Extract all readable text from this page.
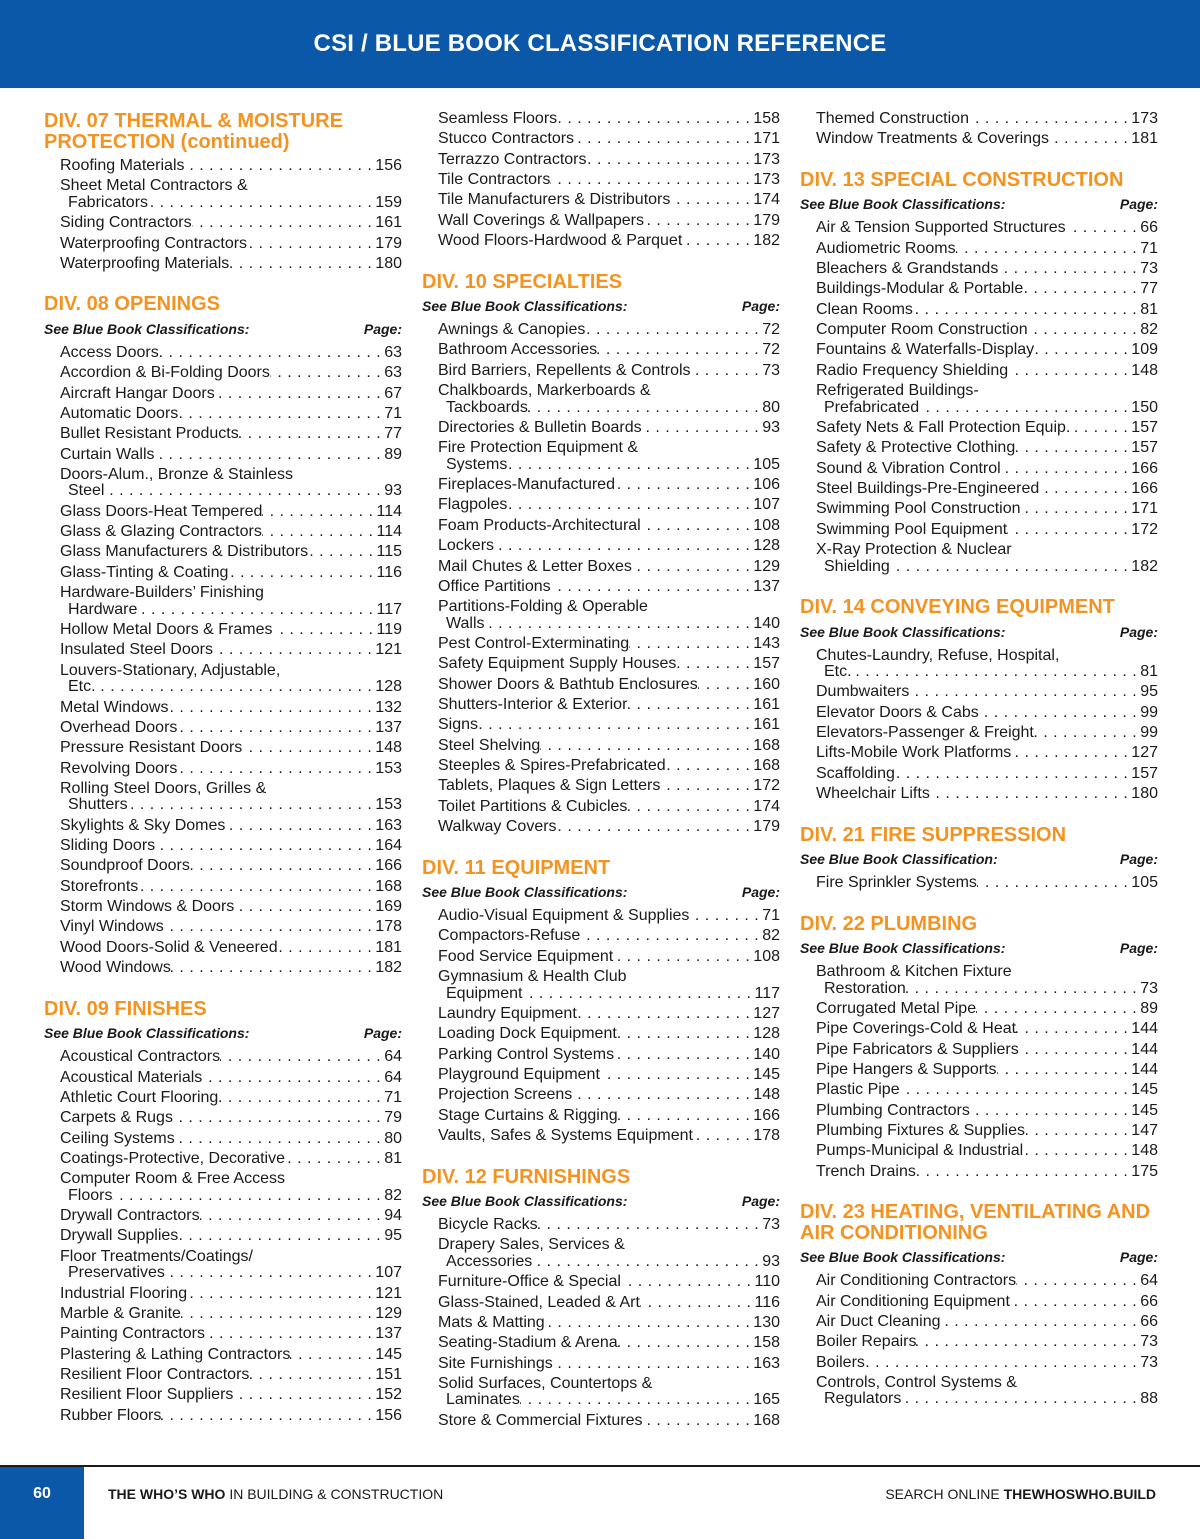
CSI / BLUE BOOK CLASSIFICATION REFERENCE
DIV. 07 THERMAL & MOISTURE PROTECTION (continued)
Roofing Materials . . .	156
Sheet Metal Contractors &
Fabricators . . .	159
Siding Contractors . . .	161
Waterproofing Contractors . . .	179
Waterproofing Materials . . .	180
DIV. 08 OPENINGS
See Blue Book Classifications:	Page:
Access Doors . . .	63
Accordion & Bi-Folding Doors . . .	63
Aircraft Hangar Doors . . .	67
Automatic Doors . . .	71
Bullet Resistant Products . . .	77
Curtain Walls . . .	89
Doors-Alum., Bronze & Stainless
Steel . . .	93
Glass Doors-Heat Tempered . . .	114
Glass & Glazing Contractors . . .	114
Glass Manufacturers & Distributors . . .	115
Glass-Tinting & Coating . . .	116
Hardware-Builders’ Finishing
Hardware . . .	117
Hollow Metal Doors & Frames . . .	119
Insulated Steel Doors . . .	121
Louvers-Stationary, Adjustable,
Etc. . . .	128
Metal Windows . . .	132
Overhead Doors . . .	137
Pressure Resistant Doors . . .	148
Revolving Doors . . .	153
Rolling Steel Doors, Grilles &
Shutters . . .	153
Skylights & Sky Domes . . .	163
Sliding Doors . . .	164
Soundproof Doors . . .	166
Storefronts . . .	168
Storm Windows & Doors . . .	169
Vinyl Windows . . .	178
Wood Doors-Solid & Veneered . . .	181
Wood Windows . . .	182
DIV. 09 FINISHES
See Blue Book Classifications:	Page:
Acoustical Contractors . . .	64
Acoustical Materials . . .	64
Athletic Court Flooring . . .	71
Carpets & Rugs . . .	79
Ceiling Systems . . .	80
Coatings-Protective, Decorative . . .	81
Computer Room & Free Access
Floors . . .	82
Drywall Contractors . . .	94
Drywall Supplies . . .	95
Floor Treatments/Coatings/
Preservatives . . .	107
Industrial Flooring . . .	121
Marble & Granite . . .	129
Painting Contractors . . .	137
Plastering & Lathing Contractors . . .	145
Resilient Floor Contractors . . .	151
Resilient Floor Suppliers . . .	152
Rubber Floors . . .	156
Seamless Floors . . .	158
Stucco Contractors . . .	171
Terrazzo Contractors . . .	173
Tile Contractors . . .	173
Tile Manufacturers & Distributors . . .	174
Wall Coverings & Wallpapers . . .	179
Wood Floors-Hardwood & Parquet . . .	182
DIV. 10 SPECIALTIES
See Blue Book Classifications:	Page:
Awnings & Canopies . . .	72
Bathroom Accessories . . .	72
Bird Barriers, Repellents & Controls . . .	73
Chalkboards, Markerboards &
Tackboards . . .	80
Directories & Bulletin Boards . . .	93
Fire Protection Equipment &
Systems . . .	105
Fireplaces-Manufactured . . .	106
Flagpoles . . .	107
Foam Products-Architectural . . .	108
Lockers . . .	128
Mail Chutes & Letter Boxes . . .	129
Office Partitions . . .	137
Partitions-Folding & Operable
Walls . . .	140
Pest Control-Exterminating . . .	143
Safety Equipment Supply Houses . . .	157
Shower Doors & Bathtub Enclosures . . .	160
Shutters-Interior & Exterior . . .	161
Signs . . .	161
Steel Shelving . . .	168
Steeples & Spires-Prefabricated . . .	168
Tablets, Plaques & Sign Letters . . .	172
Toilet Partitions & Cubicles . . .	174
Walkway Covers . . .	179
DIV. 11 EQUIPMENT
See Blue Book Classifications:	Page:
Audio-Visual Equipment & Supplies . . .	71
Compactors-Refuse . . .	82
Food Service Equipment . . .	108
Gymnasium & Health Club
Equipment . . .	117
Laundry Equipment . . .	127
Loading Dock Equipment . . .	128
Parking Control Systems . . .	140
Playground Equipment . . .	145
Projection Screens . . .	148
Stage Curtains & Rigging . . .	166
Vaults, Safes & Systems Equipment . . .	178
DIV. 12 FURNISHINGS
See Blue Book Classifications:	Page:
Bicycle Racks . . .	73
Drapery Sales, Services &
Accessories . . .	93
Furniture-Office & Special . . .	110
Glass-Stained, Leaded & Art . . .	116
Mats & Matting . . .	130
Seating-Stadium & Arena . . .	158
Site Furnishings . . .	163
Solid Surfaces, Countertops &
Laminates . . .	165
Store & Commercial Fixtures . . .	168
Themed Construction . . .	173
Window Treatments & Coverings . . .	181
DIV. 13 SPECIAL CONSTRUCTION
See Blue Book Classifications:	Page:
Air & Tension Supported Structures . . .	66
Audiometric Rooms . . .	71
Bleachers & Grandstands . . .	73
Buildings-Modular & Portable . . .	77
Clean Rooms . . .	81
Computer Room Construction . . .	82
Fountains & Waterfalls-Display . . .	109
Radio Frequency Shielding . . .	148
Refrigerated Buildings-
Prefabricated . . .	150
Safety Nets & Fall Protection Equip. . . .	157
Safety & Protective Clothing . . .	157
Sound & Vibration Control . . .	166
Steel Buildings-Pre-Engineered . . .	166
Swimming Pool Construction . . .	171
Swimming Pool Equipment . . .	172
X-Ray Protection & Nuclear
Shielding . . .	182
DIV. 14 CONVEYING EQUIPMENT
See Blue Book Classifications:	Page:
Chutes-Laundry, Refuse, Hospital,
Etc. . . .	81
Dumbwaiters . . .	95
Elevator Doors & Cabs . . .	99
Elevators-Passenger & Freight . . .	99
Lifts-Mobile Work Platforms . . .	127
Scaffolding . . .	157
Wheelchair Lifts . . .	180
DIV. 21 FIRE SUPPRESSION
See Blue Book Classification:	Page:
Fire Sprinkler Systems . . .	105
DIV. 22 PLUMBING
See Blue Book Classifications:	Page:
Bathroom & Kitchen Fixture
Restoration . . .	73
Corrugated Metal Pipe . . .	89
Pipe Coverings-Cold & Heat . . .	144
Pipe Fabricators & Suppliers . . .	144
Pipe Hangers & Supports . . .	144
Plastic Pipe . . .	145
Plumbing Contractors . . .	145
Plumbing Fixtures & Supplies . . .	147
Pumps-Municipal & Industrial . . .	148
Trench Drains . . .	175
DIV. 23 HEATING, VENTILATING AND AIR CONDITIONING
See Blue Book Classifications:	Page:
Air Conditioning Contractors . . .	64
Air Conditioning Equipment . . .	66
Air Duct Cleaning . . .	66
Boiler Repairs . . .	73
Boilers . . .	73
Controls, Control Systems &
Regulators . . .	88
60	THE WHO’S WHO IN BUILDING & CONSTRUCTION	SEARCH ONLINE THEWHOSWHO.BUILD
